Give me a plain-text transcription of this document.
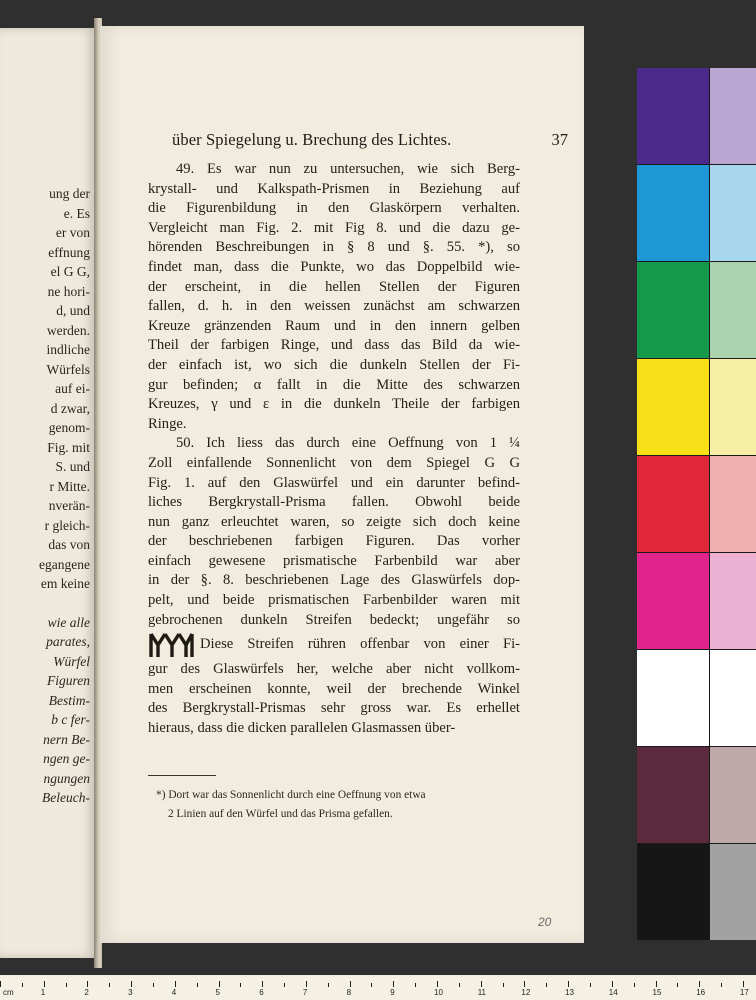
ung der
e. Es
er von
effnung
el G G,
ne hori-
d, und
werden.
indliche
Würfels
auf ei-
d zwar,
genom-
Fig. mit
S. und
r Mitte.
nverän-
r gleich-
das von
egangene
em keine
wie alle
parates,
Würfel
Figuren
Bestim-
b c fer-
nern Be-
ngen ge-
ngungen
Beleuch-
über Spiegelung u. Brechung des Lichtes.	37
49. Es war nun zu untersuchen, wie sich Berg-
krystall- und Kalkspath-Prismen in Beziehung auf
die Figurenbildung in den Glaskörpern verhalten.
Vergleicht man Fig. 2. mit Fig 8. und die dazu ge-
hörenden Beschreibungen in § 8 und §. 55. *), so
findet man, dass die Punkte, wo das Doppelbild wie-
der erscheint, in die hellen Stellen der Figuren
fallen, d. h. in den weissen zunächst am schwarzen
Kreuze gränzenden Raum und in den innern gelben
Theil der farbigen Ringe, und dass das Bild da wie-
der einfach ist, wo sich die dunkeln Stellen der Fi-
gur befinden; α fallt in die Mitte des schwarzen
Kreuzes, γ und ε in die dunkeln Theile der farbigen
Ringe.
50. Ich liess das durch eine Oeffnung von 1 ¼
Zoll einfallende Sonnenlicht von dem Spiegel G G
Fig. 1. auf den Glaswürfel und ein darunter befind-
liches Bergkrystall-Prisma fallen. Obwohl beide
nun ganz erleuchtet waren, so zeigte sich doch keine
der beschriebenen farbigen Figuren. Das vorher
einfach gewesene prismatische Farbenbild war aber
in der §. 8. beschriebenen Lage des Glaswürfels dop-
pelt, und beide prismatischen Farbenbilder waren mit
gebrochenen dunkeln Streifen bedeckt; ungefähr so
Diese Streifen rühren offenbar von einer Fi-
gur des Glaswürfels her, welche aber nicht vollkom-
men erscheinen konnte, weil der brechende Winkel
des Bergkrystall-Prismas sehr gross war. Es erhellet
hieraus, dass die dicken parallelen Glasmassen über-
*) Dort war das Sonnenlicht durch eine Oeffnung von etwa
2 Linien auf den Würfel und das Prisma gefallen.
20
cm	1	2	3	4	5	6	7	8	9	10	11	12	13	14	15	16	17
